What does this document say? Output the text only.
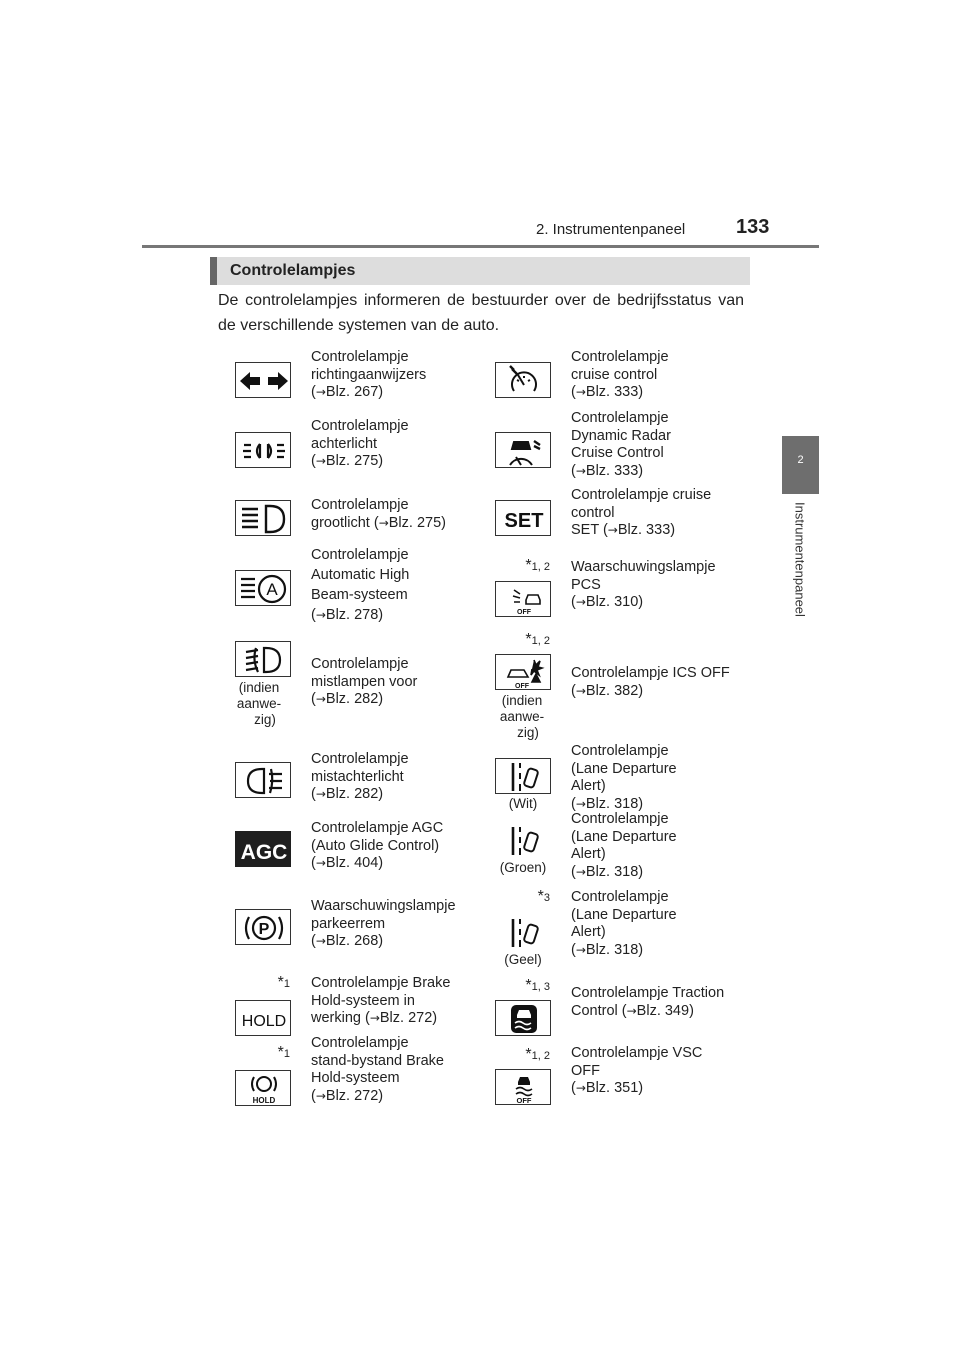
2. Instrumentenpaneel	133
2
Instrumentenpaneel
Controlelampjes
De controlelampjes informeren de bestuurder over de bedrijfsstatus van de verschillende systemen van de auto.
Controlelampje
richtingaanwijzers
(→Blz. 267)
Controlelampje
achterlicht
(→Blz. 275)
Controlelampje
grootlicht (→Blz. 275)
A
Controlelampje
Automatic High
Beam-systeem
(→Blz. 278)
(indien
aanwe-
zig)
Controlelampje
mistlampen voor
(→Blz. 282)
Controlelampje
mistachterlicht
(→Blz. 282)
AGC
Controlelampje AGC
(Auto Glide Control)
(→Blz. 404)
P
Waarschuwingslampje
parkeerrem
(→Blz. 268)
*1
HOLD
Controlelampje Brake
Hold-systeem in
werking (→Blz. 272)
*1
HOLD
Controlelampje
stand-bystand Brake
Hold-systeem
(→Blz. 272)
Controlelampje
cruise control
(→Blz. 333)
Controlelampje
Dynamic Radar
Cruise Control
(→Blz. 333)
SET
Controlelampje cruise
control
SET (→Blz. 333)
*1, 2
OFF
Waarschuwingslampje
PCS
(→Blz. 310)
*1, 2
OFF
(indien
aanwe-
zig)
Controlelampje ICS OFF
(→Blz. 382)
(Wit)
Controlelampje
(Lane Departure
Alert)
(→Blz. 318)
(Groen)
Controlelampje
(Lane Departure
Alert)
(→Blz. 318)
*3
(Geel)
Controlelampje
(Lane Departure
Alert)
(→Blz. 318)
*1, 3 Controlelampje Traction
Control (→Blz. 349)
*1, 2
OFF
Controlelampje VSC
OFF
(→Blz. 351)
